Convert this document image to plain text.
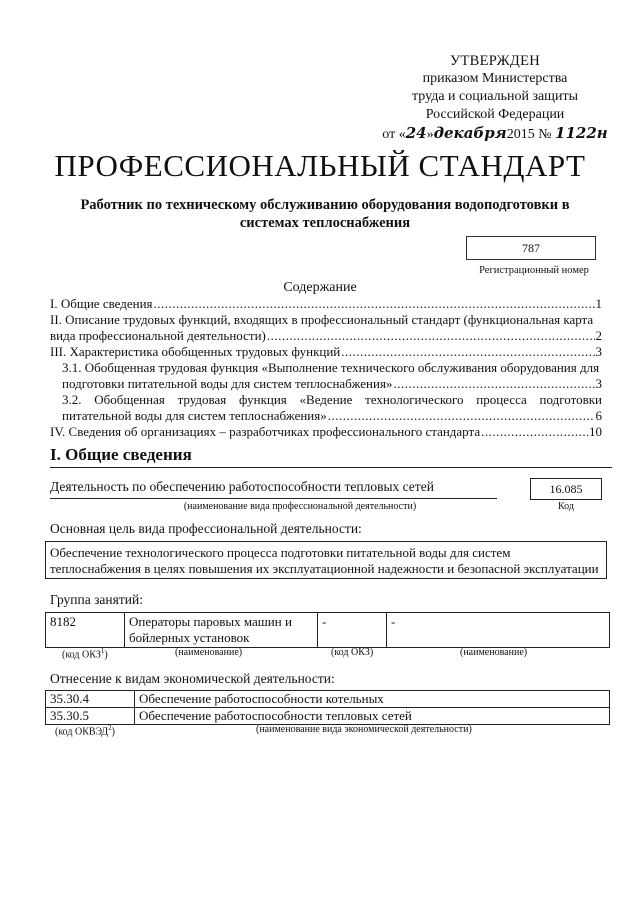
УТВЕРЖДЕН
приказом Министерства
труда и социальной защиты
Российской Федерации
от «24»декабря2015 № 1122н
ПРОФЕССИОНАЛЬНЫЙ СТАНДАРТ
Работник по техническому обслуживанию оборудования водоподготовки в системах теплоснабжения
787
Регистрационный номер
Содержание
I. Общие сведения .....	1
II. Описание трудовых функций, входящих в профессиональный стандарт (функциональная карта
вида профессиональной деятельности) .....	2
III. Характеристика обобщенных трудовых функций .....	3
3.1. Обобщенная трудовая функция «Выполнение технического обслуживания оборудования для
подготовки питательной воды для систем теплоснабжения» .....	3
3.2. Обобщенная трудовая функция «Ведение технологического процесса подготовки
питательной воды для систем теплоснабжения» .....	6
IV. Сведения об организациях – разработчиках профессионального стандарта .....	10
I. Общие сведения
Деятельность по обеспечению работоспособности тепловых сетей
(наименование вида профессиональной деятельности)
16.085
Код
Основная цель вида профессиональной деятельности:
Обеспечение технологического процесса подготовки питательной воды для систем теплоснабжения в целях повышения их эксплуатационной надежности и безопасной эксплуатации
Группа занятий:
8182	Операторы паровых машин и бойлерных установок	-	-
(код ОКЗ$^1$)	(наименование)	(код ОКЗ)	(наименование)
Отнесение к видам экономической деятельности:
35.30.4	Обеспечение работоспособности котельных
35.30.5	Обеспечение работоспособности тепловых сетей
(код ОКВЭД$^2$)	(наименование вида экономической деятельности)
